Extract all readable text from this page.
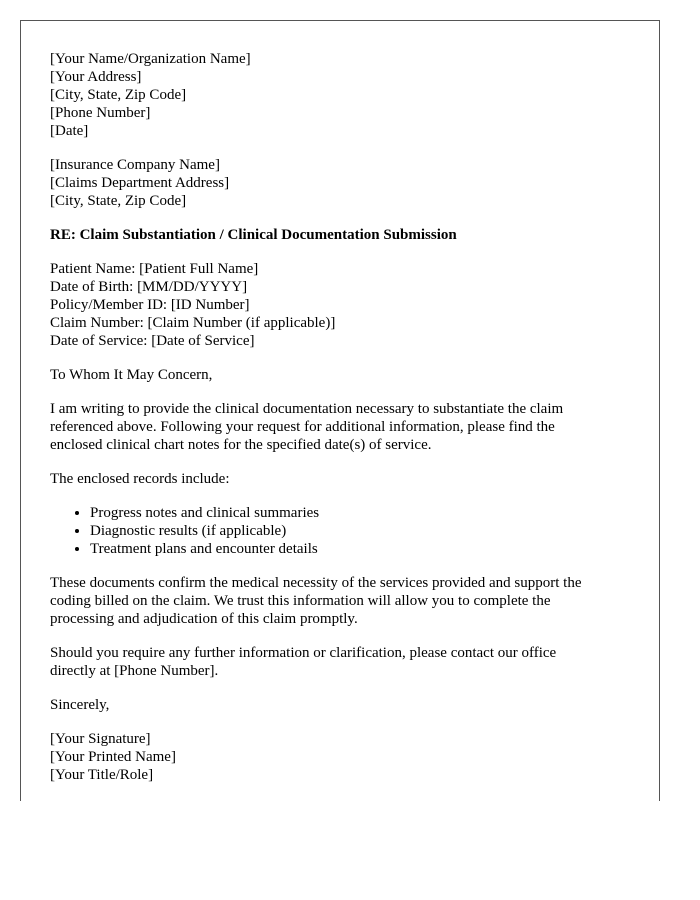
[Your Name/Organization Name]
[Your Address]
[City, State, Zip Code]
[Phone Number]
[Date]
[Insurance Company Name]
[Claims Department Address]
[City, State, Zip Code]
RE: Claim Substantiation / Clinical Documentation Submission
Patient Name: [Patient Full Name]
Date of Birth: [MM/DD/YYYY]
Policy/Member ID: [ID Number]
Claim Number: [Claim Number (if applicable)]
Date of Service: [Date of Service]

To Whom It May Concern,

I am writing to provide the clinical documentation necessary to substantiate the claim
referenced above. Following your request for additional information, please find the
enclosed clinical chart notes for the specified date(s) of service.

The enclosed records include:

• Progress notes and clinical summaries
• Diagnostic results (if applicable)
• Treatment plans and encounter details

These documents confirm the medical necessity of the services provided and support the
coding billed on the claim. We trust this information will allow you to complete the
processing and adjudication of this claim promptly.

Should you require any further information or clarification, please contact our office
directly at [Phone Number].

Sincerely,

[Your Signature]
[Your Printed Name]
[Your Title/Role]
